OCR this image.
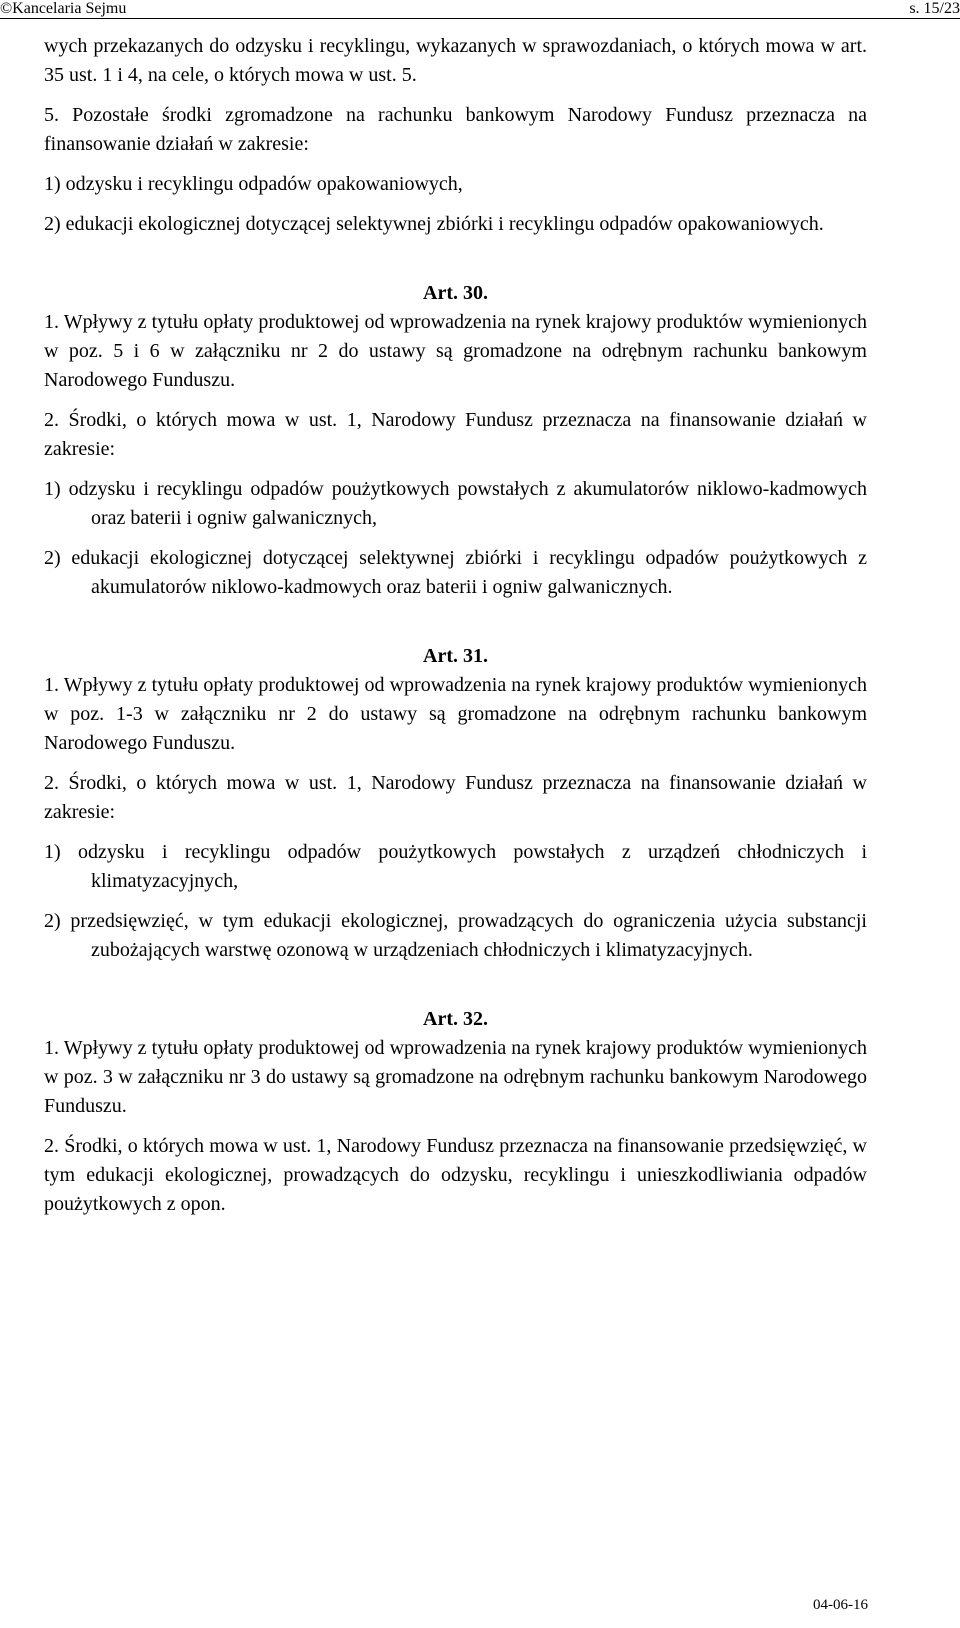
©Kancelaria Sejmu	s. 15/23

wych przekazanych do odzysku i recyklingu, wykazanych w sprawozdaniach, o których mowa w art. 35 ust. 1 i 4, na cele, o których mowa w ust. 5.

5. Pozostałe środki zgromadzone na rachunku bankowym Narodowy Fundusz przeznacza na finansowanie działań w zakresie:

1) odzysku i recyklingu odpadów opakowaniowych,

2) edukacji ekologicznej dotyczącej selektywnej zbiórki i recyklingu odpadów opakowaniowych.

Art. 30.

1. Wpływy z tytułu opłaty produktowej od wprowadzenia na rynek krajowy produktów wymienionych w poz. 5 i 6 w załączniku nr 2 do ustawy są gromadzone na odrębnym rachunku bankowym Narodowego Funduszu.

2. Środki, o których mowa w ust. 1, Narodowy Fundusz przeznacza na finansowanie działań w zakresie:

1) odzysku i recyklingu odpadów poużytkowych powstałych z akumulatorów niklowo-kadmowych oraz baterii i ogniw galwanicznych,

2) edukacji ekologicznej dotyczącej selektywnej zbiórki i recyklingu odpadów poużytkowych z akumulatorów niklowo-kadmowych oraz baterii i ogniw galwanicznych.

Art. 31.

1. Wpływy z tytułu opłaty produktowej od wprowadzenia na rynek krajowy produktów wymienionych w poz. 1-3 w załączniku nr 2 do ustawy są gromadzone na odrębnym rachunku bankowym Narodowego Funduszu.

2. Środki, o których mowa w ust. 1, Narodowy Fundusz przeznacza na finansowanie działań w zakresie:

1) odzysku i recyklingu odpadów poużytkowych powstałych z urządzeń chłodniczych i klimatyzacyjnych,

2) przedsięwzięć, w tym edukacji ekologicznej, prowadzących do ograniczenia użycia substancji zubożających warstwę ozonową w urządzeniach chłodniczych i klimatyzacyjnych.

Art. 32.

1. Wpływy z tytułu opłaty produktowej od wprowadzenia na rynek krajowy produktów wymienionych w poz. 3 w załączniku nr 3 do ustawy są gromadzone na odrębnym rachunku bankowym Narodowego Funduszu.

2. Środki, o których mowa w ust. 1, Narodowy Fundusz przeznacza na finansowanie przedsięwzięć, w tym edukacji ekologicznej, prowadzących do odzysku, recyklingu i unieszkodliwiania odpadów poużytkowych z opon.

04-06-16
